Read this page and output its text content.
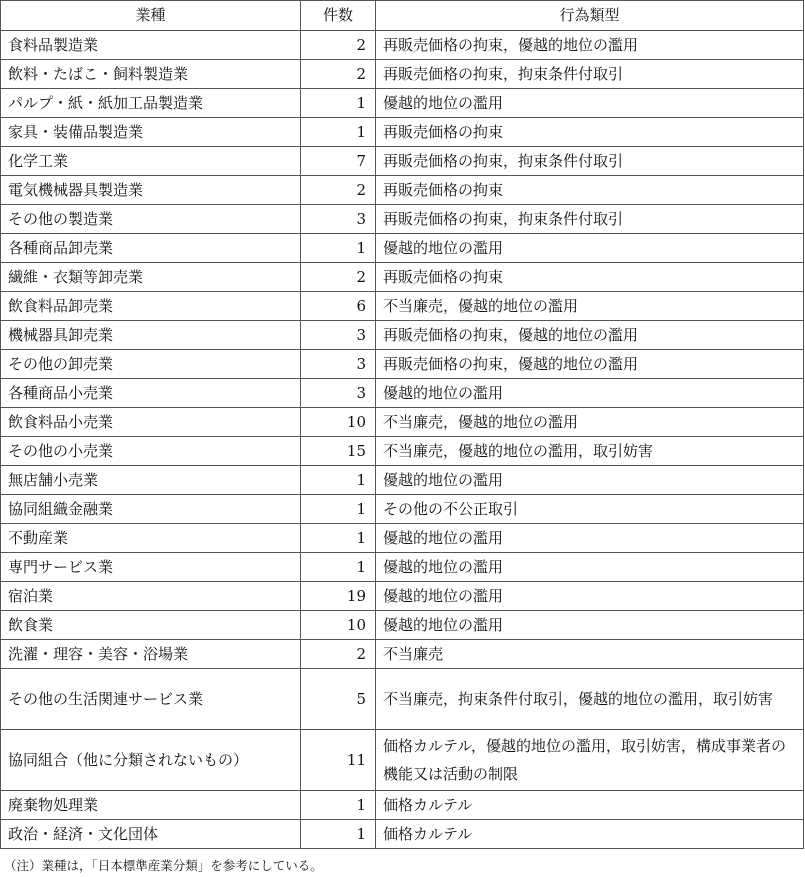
業種	件数	行為類型
食料品製造業	2	再販売価格の拘束，優越的地位の濫用
飲料・たばこ・飼料製造業	2	再販売価格の拘束，拘束条件付取引
パルプ・紙・紙加工品製造業	1	優越的地位の濫用
家具・装備品製造業	1	再販売価格の拘束
化学工業	7	再販売価格の拘束，拘束条件付取引
電気機械器具製造業	2	再販売価格の拘束
その他の製造業	3	再販売価格の拘束，拘束条件付取引
各種商品卸売業	1	優越的地位の濫用
繊維・衣類等卸売業	2	再販売価格の拘束
飲食料品卸売業	6	不当廉売，優越的地位の濫用
機械器具卸売業	3	再販売価格の拘束，優越的地位の濫用
その他の卸売業	3	再販売価格の拘束，優越的地位の濫用
各種商品小売業	3	優越的地位の濫用
飲食料品小売業	10	不当廉売，優越的地位の濫用
その他の小売業	15	不当廉売，優越的地位の濫用，取引妨害
無店舗小売業	1	優越的地位の濫用
協同組織金融業	1	その他の不公正取引
不動産業	1	優越的地位の濫用
専門サービス業	1	優越的地位の濫用
宿泊業	19	優越的地位の濫用
飲食業	10	優越的地位の濫用
洗濯・理容・美容・浴場業	2	不当廉売
その他の生活関連サービス業	5	不当廉売，拘束条件付取引，優越的地位の濫用，取引妨害
協同組合（他に分類されないもの）	11	価格カルテル，優越的地位の濫用，取引妨害，構成事業者の機能又は活動の制限
廃棄物処理業	1	価格カルテル
政治・経済・文化団体	1	価格カルテル
（注）業種は，「日本標準産業分類」を参考にしている。
